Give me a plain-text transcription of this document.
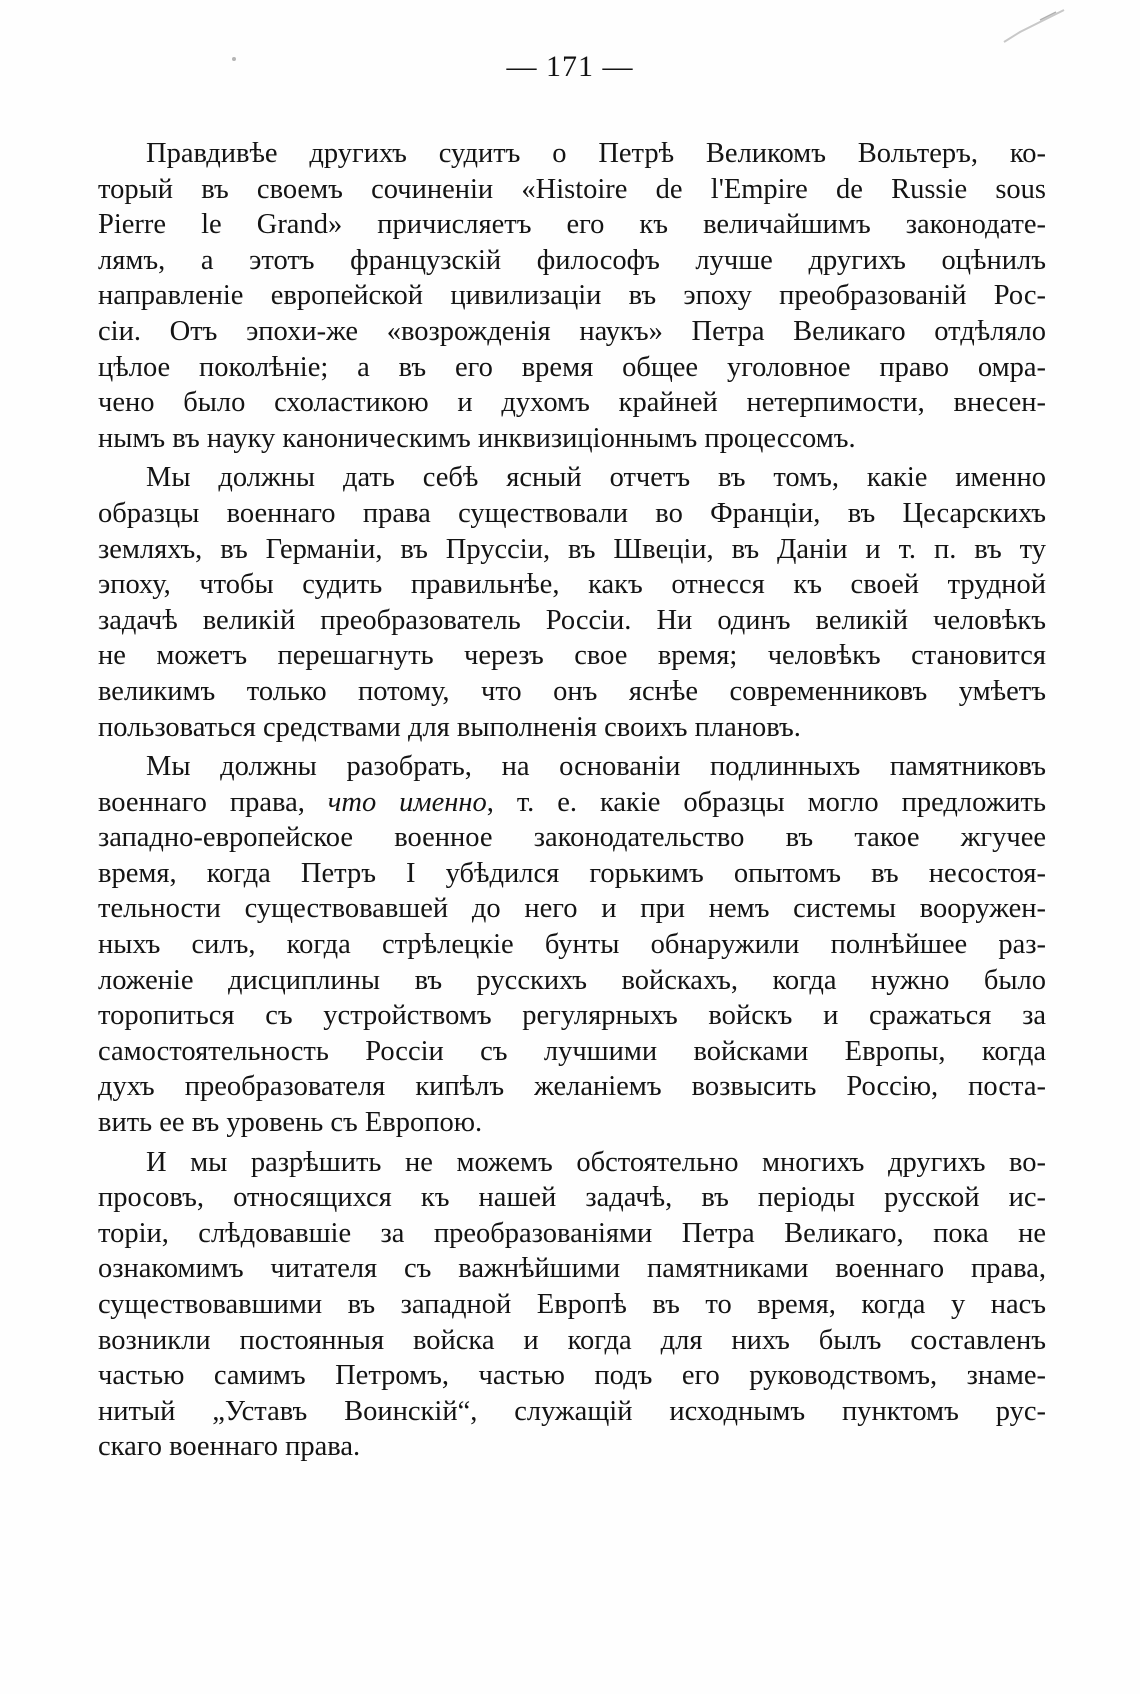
— 171 —
Правдивѣе другихъ судитъ о Петрѣ Великомъ Вольтеръ, ко-
торый въ своемъ сочиненіи «Histoire de l'Empire de Russie sous
Pierre le Grand» причисляетъ его къ величайшимъ законодате-
лямъ, а этотъ французскій философъ лучше другихъ оцѣнилъ
направленіе европейской цивилизаціи въ эпоху преобразованій Рос-
сіи. Отъ эпохи-же «возрожденія наукъ» Петра Великаго отдѣляло
цѣлое поколѣніе; а въ его время общее уголовное право омра-
чено было схоластикою и духомъ крайней нетерпимости, внесен-
нымъ въ науку каноническимъ инквизиціоннымъ процессомъ.
Мы должны дать себѣ ясный отчетъ въ томъ, какіе именно
образцы военнаго права существовали во Франціи, въ Цесарскихъ
земляхъ, въ Германіи, въ Пруссіи, въ Швеціи, въ Даніи и т. п. въ ту
эпоху, чтобы судить правильнѣе, какъ отнесся къ своей трудной
задачѣ великій преобразователь Россіи. Ни одинъ великій человѣкъ
не можетъ перешагнуть черезъ свое время; человѣкъ становится
великимъ только потому, что онъ яснѣе современниковъ умѣетъ
пользоваться средствами для выполненія своихъ плановъ.
Мы должны разобрать, на основаніи подлинныхъ памятниковъ
военнаго права, что именно, т. е. какіе образцы могло предложить
западно-европейское военное законодательство въ такое жгучее
время, когда Петръ I убѣдился горькимъ опытомъ въ несостоя-
тельности существовавшей до него и при немъ системы вооружен-
ныхъ силъ, когда стрѣлецкіе бунты обнаружили полнѣйшее раз-
ложеніе дисциплины въ русскихъ войскахъ, когда нужно было
торопиться съ устройствомъ регулярныхъ войскъ и сражаться за
самостоятельность Россіи съ лучшими войсками Европы, когда
духъ преобразователя кипѣлъ желаніемъ возвысить Россію, поста-
вить ее въ уровень съ Европою.
И мы разрѣшить не можемъ обстоятельно многихъ другихъ во-
просовъ, относящихся къ нашей задачѣ, въ періоды русской ис-
торіи, слѣдовавшіе за преобразованіями Петра Великаго, пока не
ознакомимъ читателя съ важнѣйшими памятниками военнаго права,
существовавшими въ западной Европѣ въ то время, когда у насъ
возникли постоянныя войска и когда для нихъ былъ составленъ
частью самимъ Петромъ, частью подъ его руководствомъ, знаме-
нитый „Уставъ Воинскій“, служащій исходнымъ пунктомъ рус-
скаго военнаго права.
